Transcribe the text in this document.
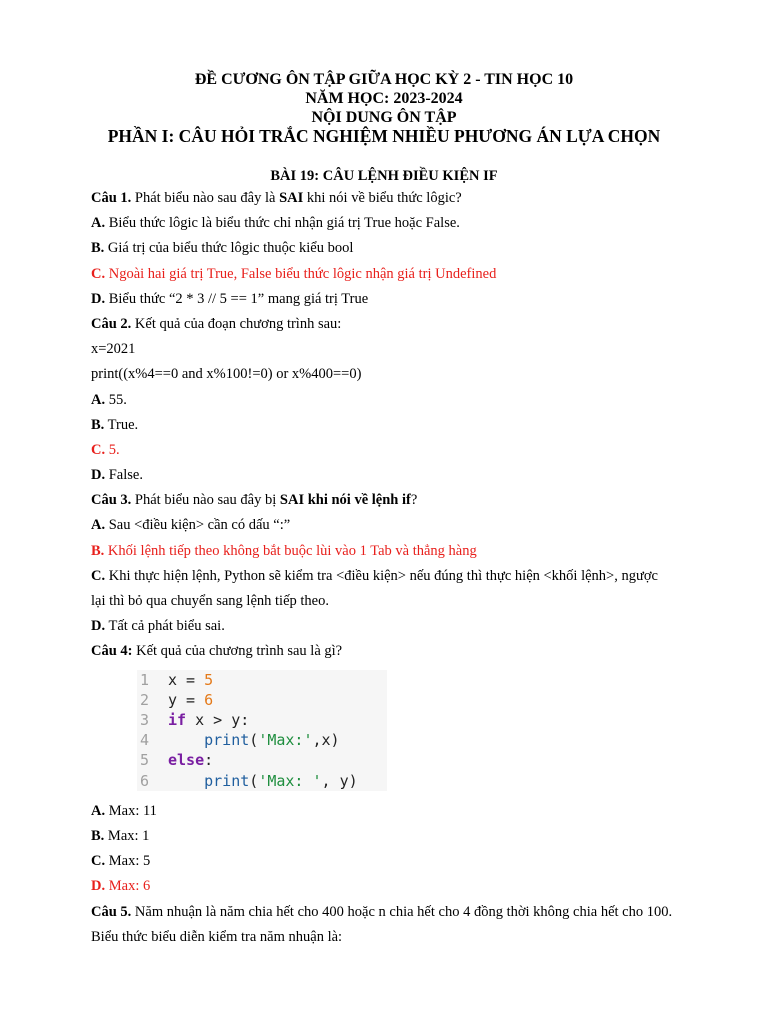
ĐỀ CƯƠNG ÔN TẬP GIỮA HỌC KỲ 2 - TIN HỌC 10
NĂM HỌC: 2023-2024
NỘI DUNG ÔN TẬP
PHẦN I: CÂU HỎI TRẮC NGHIỆM NHIỀU PHƯƠNG ÁN LỰA CHỌN
BÀI 19: CÂU LỆNH ĐIỀU KIỆN IF
Câu 1. Phát biểu nào sau đây là SAI khi nói về biểu thức lôgic?
A. Biểu thức lôgic là biểu thức chỉ nhận giá trị True hoặc False.
B. Giá trị của biểu thức lôgic thuộc kiểu bool
C. Ngoài hai giá trị True, False biểu thức lôgic nhận giá trị Undefined
D. Biểu thức “2 * 3 // 5 == 1” mang giá trị True
Câu 2. Kết quả của đoạn chương trình sau:
x=2021
print((x%4==0 and x%100!=0) or x%400==0)
A. 55.
B. True.
C. 5.
D. False.
Câu 3. Phát biểu nào sau đây bị SAI khi nói về lệnh if?
A. Sau <điều kiện> cần có dấu “:”
B. Khối lệnh tiếp theo không bắt buộc lùi vào 1 Tab và thẳng hàng
C. Khi thực hiện lệnh, Python sẽ kiểm tra <điều kiện> nếu đúng thì thực hiện <khối lệnh>, ngược
lại thì bỏ qua chuyển sang lệnh tiếp theo.
D. Tất cả phát biểu sai.
Câu 4: Kết quả của chương trình sau là gì?
1	x = 5
2	y = 6
3	if x > y:
4	print('Max:',x)
5	else:
6	print('Max: ', y)
A. Max: 11
B. Max: 1
C. Max: 5
D. Max: 6
Câu 5. Năm nhuận là năm chia hết cho 400 hoặc n chia hết cho 4 đồng thời không chia hết cho 100.
Biểu thức biểu diễn kiểm tra năm nhuận là:
